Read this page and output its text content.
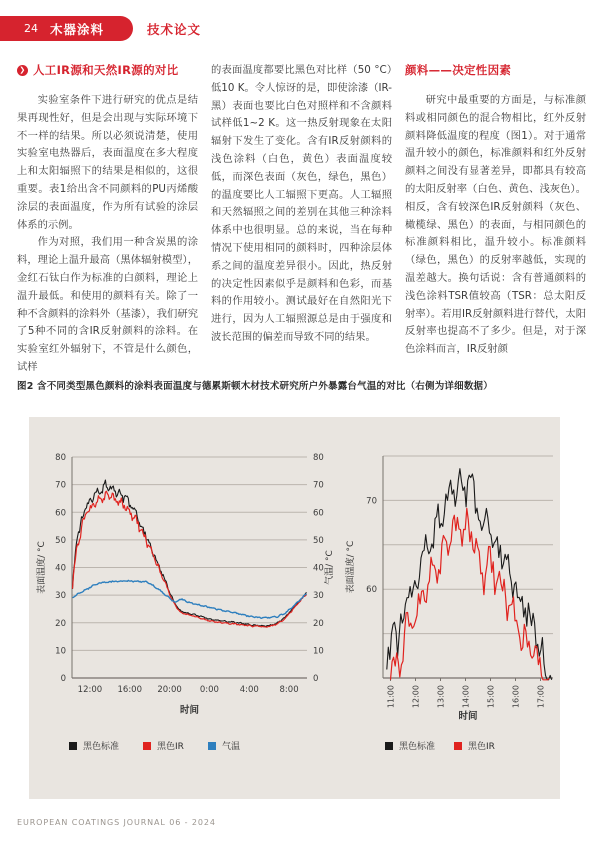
24 木器涂料	技术论文
❯ 人工IR源和天然IR源的对比

实验室条件下进行研究的优点是结果再现性好，但是会出现与实际环境下不一样的结果。所以必须说清楚，使用实验室电热器后，表面温度在多大程度上和太阳辐照下的结果是相似的，这很重要。表1给出含不同颜料的PU丙烯酸涂层的表面温度，作为所有试验的涂层体系的示例。

作为对照，我们用一种含炭黑的涂料，理论上温升最高（黑体辐射模型），金红石钛白作为标准的白颜料，理论上温升最低。和使用的颜料有关。除了一种不含颜料的涂料外（基漆），我们研究了5种不同的含IR反射颜料的涂料。在实验室红外辐射下，不管是什么颜色，试样

的表面温度都要比黑色对比样（50 °C）低10 K。令人惊讶的是，即使涂漆（IR-黑）表面也要比白色对照样和不含颜料试样低1~2 K。这一热反射现象在太阳辐射下发生了变化。含有IR反射颜料的浅色涂料（白色，黄色）表面温度较低，而深色表面（灰色，绿色，黑色）的温度要比人工辐照下更高。人工辐照和天然辐照之间的差别在其他三种涂料体系中也很明显。总的来说，当在每种情况下使用相同的颜料时，四种涂层体系之间的温度差异很小。因此，热反射的决定性因素似乎是颜料和色彩，而基料的作用较小。测试最好在自然阳光下进行，因为人工辐照源总是由于强度和波长范围的偏差而导致不同的结果。

颜料——决定性因素

研究中最重要的方面是，与标准颜料或相同颜色的混合物相比，红外反射颜料降低温度的程度（图1）。对于通常温升较小的颜色，标准颜料和红外反射颜料之间没有显著差异，即都具有较高的太阳反射率（白色、黄色、浅灰色）。相反，含有较深色IR反射颜料（灰色、橄榄绿、黑色）的表面，与相同颜色的标准颜料相比，温升较小。标准颜料（绿色，黑色）的反射率越低，实现的温差越大。换句话说：含有普通颜料的浅色涂料TSR值较高（TSR：总太阳反射率）。若用IR反射颜料进行替代，太阳反射率也提高不了多少。但是，对于深色涂料而言，IR反射颜

图2 含不同类型黑色颜料的涂料表面温度与德累斯顿木材技术研究所户外暴露台气温的对比（右侧为详细数据）

0	0
10	10
20	20
30	30
40	40
50	50
60	60
70	70
80	80
12:00 16:00 20:00 0:00 4:00 8:00
时间
表面温度/ °C	气温/ °C
60
70
11:00 12:00 13:00 14:00 15:00 16:00 17:00
时间
表面温度/ °C
黑色标准	黑色IR	气温	黑色标准	黑色IR
EUROPEAN COATINGS JOURNAL 06 - 2024
